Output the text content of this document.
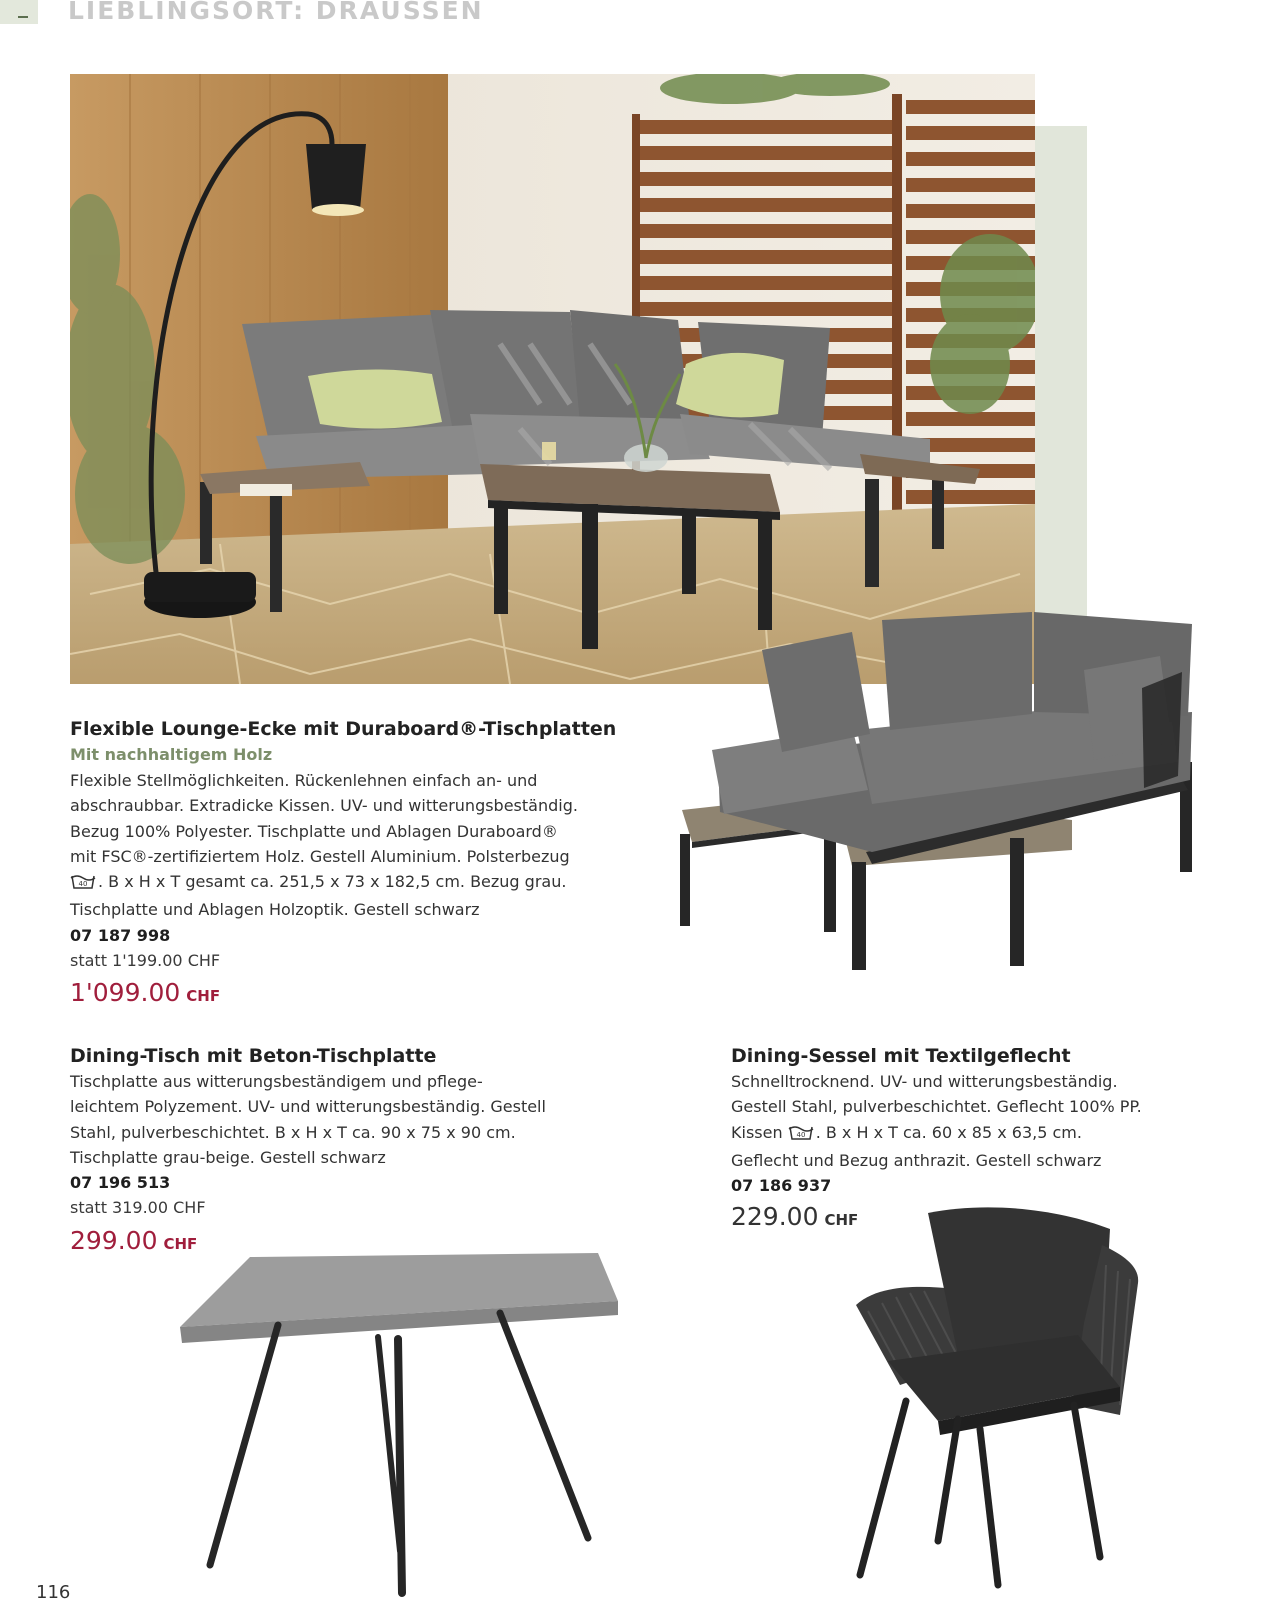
LIEBLINGSORT: DRAUSSEN
Flexible Lounge-Ecke mit Duraboard®-Tischplatten
Mit nachhaltigem Holz

Flexible Stellmöglichkeiten. Rückenlehnen einfach an- und

abschraubbar. Extradicke Kissen. UV- und witterungsbeständig.

Bezug 100% Polyester. Tischplatte und Ablagen Duraboard®

mit FSC®-zertifiziertem Holz. Gestell Aluminium. Polsterbezug

40 . B x H x T gesamt ca. 251,5 x 73 x 182,5 cm. Bezug grau.

Tischplatte und Ablagen Holzoptik. Gestell schwarz

07 187 998

statt 1'199.00 CHF

1'099.00 CHF
Dining-Tisch mit Beton-Tischplatte

Tischplatte aus witterungsbeständigem und pflege-

leichtem Polyzement. UV- und witterungsbeständig. Gestell

Stahl, pulverbeschichtet. B x H x T ca. 90 x 75 x 90 cm.

Tischplatte grau-beige. Gestell schwarz

07 196 513

statt 319.00 CHF

299.00 CHF
Dining-Sessel mit Textilgeflecht

Schnelltrocknend. UV- und witterungsbeständig.

Gestell Stahl, pulverbeschichtet. Geflecht 100% PP.

Kissen 40 . B x H x T ca. 60 x 85 x 63,5 cm.

Geflecht und Bezug anthrazit. Gestell schwarz

07 186 937

229.00 CHF
116
